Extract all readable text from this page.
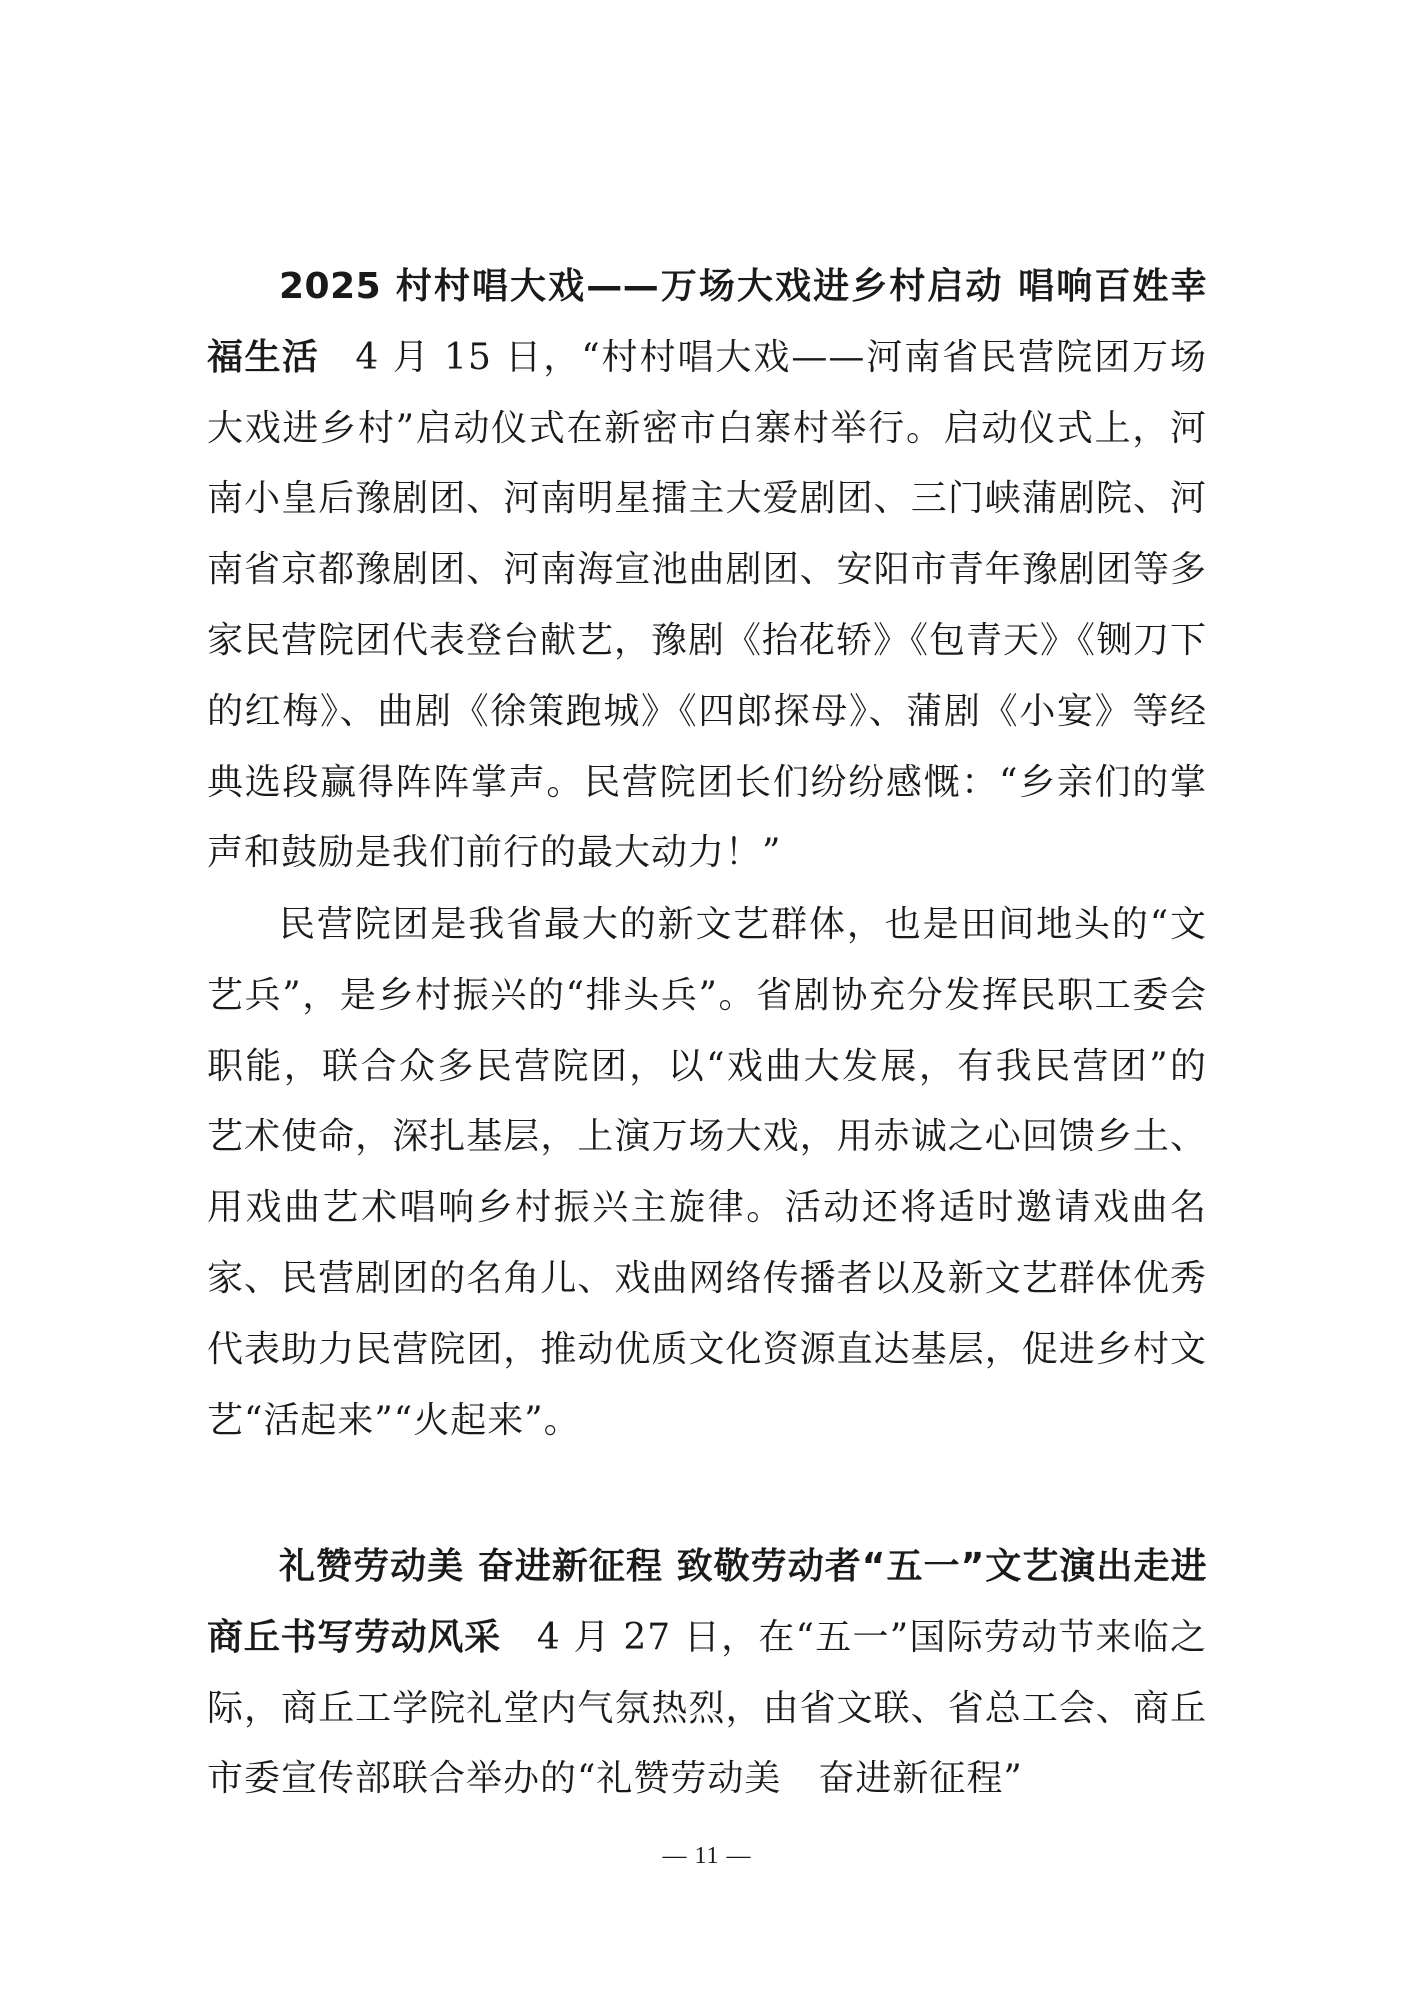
2025 村村唱大戏——万场大戏进乡村启动 唱响百姓幸福生活 4 月 15 日，“村村唱大戏——河南省民营院团万场大戏进乡村”启动仪式在新密市白寨村举行。启动仪式上，河南小皇后豫剧团、河南明星擂主大爱剧团、三门峡蒲剧院、河南省京都豫剧团、河南海宣池曲剧团、安阳市青年豫剧团等多家民营院团代表登台献艺，豫剧《抬花轿》《包青天》《铡刀下的红梅》、曲剧《徐策跑城》《四郎探母》、蒲剧《小宴》等经典选段赢得阵阵掌声。民营院团长们纷纷感慨：“乡亲们的掌声和鼓励是我们前行的最大动力！”

民营院团是我省最大的新文艺群体，也是田间地头的“文艺兵”，是乡村振兴的“排头兵”。省剧协充分发挥民职工委会职能，联合众多民营院团，以“戏曲大发展，有我民营团”的艺术使命，深扎基层，上演万场大戏，用赤诚之心回馈乡土、用戏曲艺术唱响乡村振兴主旋律。活动还将适时邀请戏曲名家、民营剧团的名角儿、戏曲网络传播者以及新文艺群体优秀代表助力民营院团，推动优质文化资源直达基层，促进乡村文艺“活起来”“火起来”。

礼赞劳动美 奋进新征程 致敬劳动者“五一”文艺演出走进商丘书写劳动风采 4 月 27 日，在“五一”国际劳动节来临之际，商丘工学院礼堂内气氛热烈，由省文联、省总工会、商丘市委宣传部联合举办的“礼赞劳动美　奋进新征程”

— 11 —
